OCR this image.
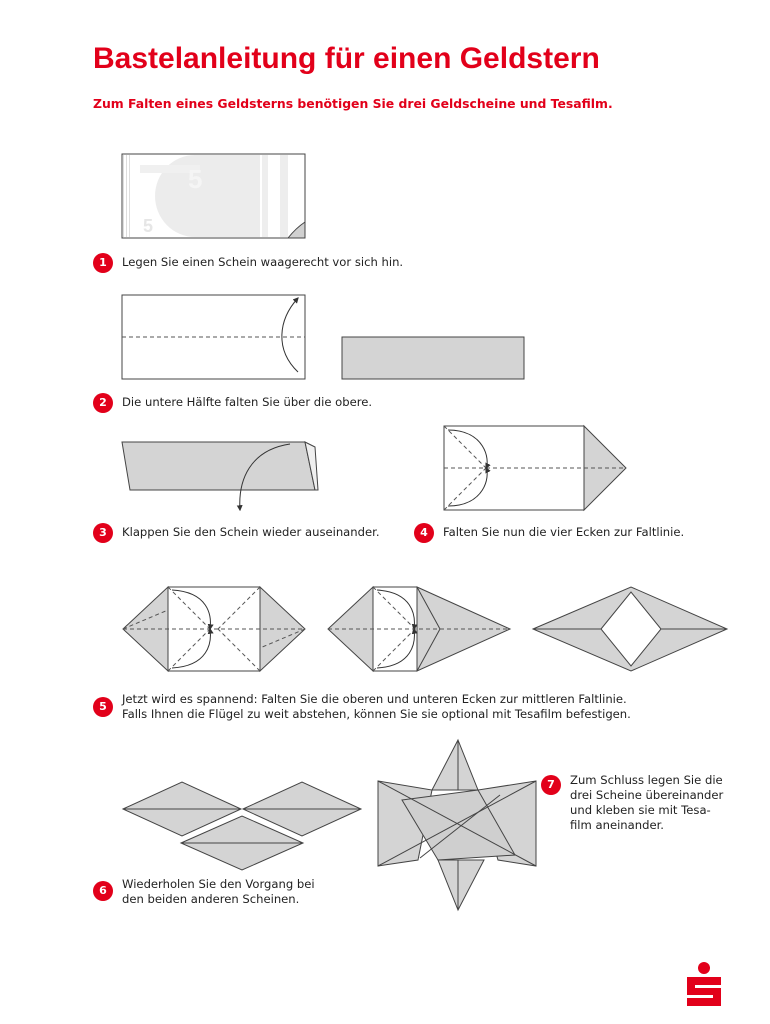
Bastelanleitung für einen Geldstern

Zum Falten eines Geldsterns benötigen Sie drei Geldscheine und Tesafilm.

5
5
1	Legen Sie einen Schein waagerecht vor sich hin.
2	Die untere Hälfte falten Sie über die obere.
3	Klappen Sie den Schein wieder auseinander.	4	Falten Sie nun die vier Ecken zur Faltlinie.
5
Jetzt wird es spannend: Falten Sie die oberen und unteren Ecken zur mittleren Faltlinie.
Falls Ihnen die Flügel zu weit abstehen, können Sie sie optional mit Tesafilm befestigen.
6	Wiederholen Sie den Vorgang bei
den beiden anderen Scheinen.
7	Zum Schluss legen Sie die
drei Scheine übereinander
und kleben sie mit Tesa-
film aneinander.
